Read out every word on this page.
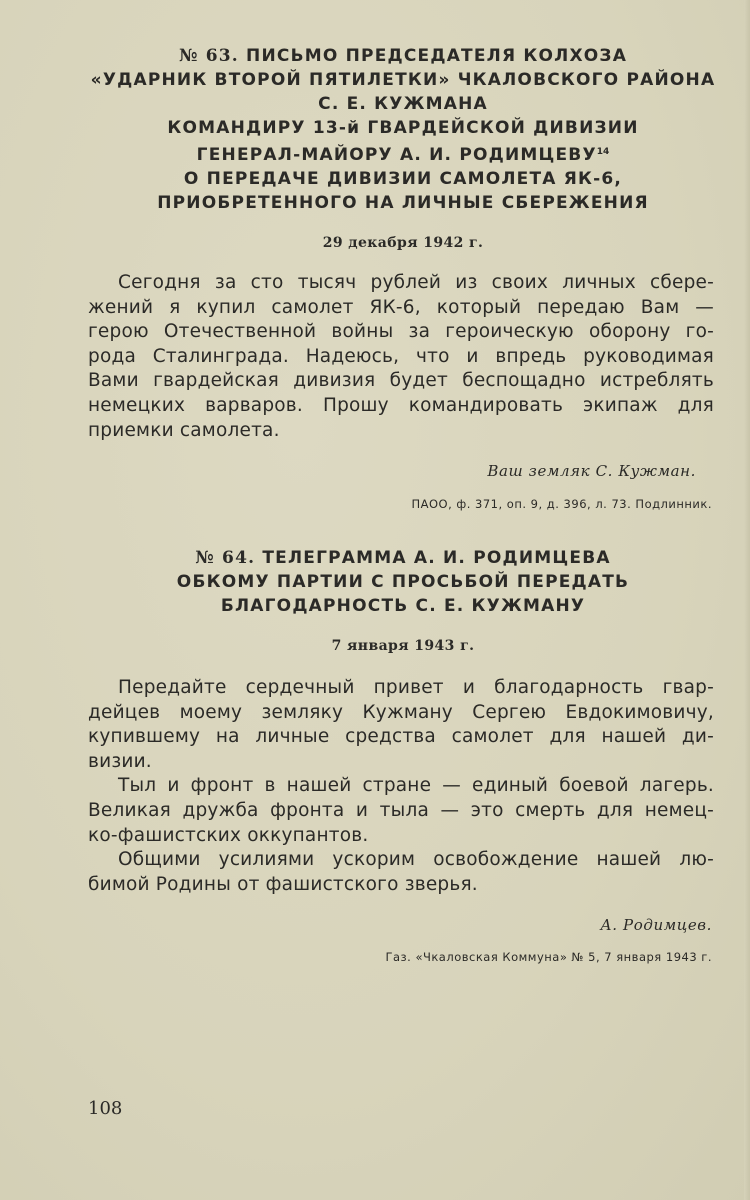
№ 63. ПИСЬМО ПРЕДСЕДАТЕЛЯ КОЛХОЗА
«УДАРНИК ВТОРОЙ ПЯТИЛЕТКИ» ЧКАЛОВСКОГО РАЙОНА
С. Е. КУЖМАНА
КОМАНДИРУ 13-й ГВАРДЕЙСКОЙ ДИВИЗИИ
ГЕНЕРАЛ-МАЙОРУ А. И. РОДИМЦЕВУ$^{14}$
О ПЕРЕДАЧЕ ДИВИЗИИ САМОЛЕТА ЯК-6,
ПРИОБРЕТЕННОГО НА ЛИЧНЫЕ СБЕРЕЖЕНИЯ

29 декабря 1942 г.

Сегодня за сто тысяч рублей из своих личных сбере-
жений я купил самолет ЯК-6, который передаю Вам —
герою Отечественной войны за героическую оборону го-
рода Сталинграда. Надеюсь, что и впредь руководимая
Вами гвардейская дивизия будет беспощадно истреблять
немецких варваров. Прошу командировать экипаж для
приемки самолета.

Ваш земляк С. Кужман.

ПАОО, ф. 371, оп. 9, д. 396, л. 73. Подлинник.

№ 64. ТЕЛЕГРАММА А. И. РОДИМЦЕВА
ОБКОМУ ПАРТИИ С ПРОСЬБОЙ ПЕРЕДАТЬ
БЛАГОДАРНОСТЬ С. Е. КУЖМАНУ

7 января 1943 г.

Передайте сердечный привет и благодарность гвар-
дейцев моему земляку Кужману Сергею Евдокимовичу,
купившему на личные средства самолет для нашей ди-
визии.
Тыл и фронт в нашей стране — единый боевой лагерь.
Великая дружба фронта и тыла — это смерть для немец-
ко-фашистских оккупантов.
Общими усилиями ускорим освобождение нашей лю-
бимой Родины от фашистского зверья.

А. Родимцев.

Газ. «Чкаловская Коммуна» № 5, 7 января 1943 г.

108
